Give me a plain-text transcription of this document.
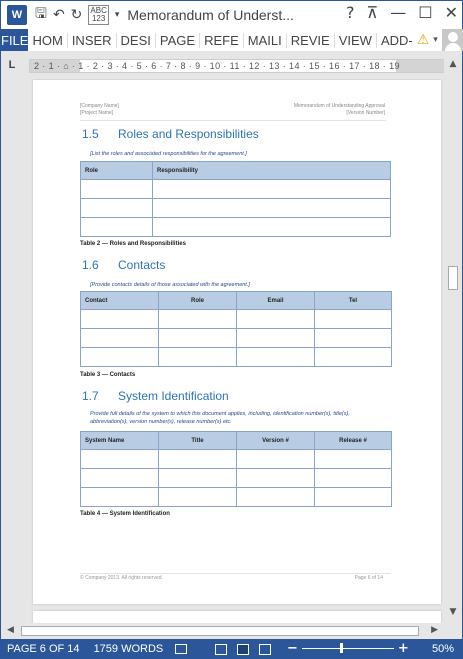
W 🖫 ↶ ↻ ABC
123 ▾ Memorandum of Underst...	? ⊼ — ☐ ✕
FILE HOM INSER DESI PAGE REFE MAILI REVIE VIEW ADD- ⚠ ▾
L	2 · 1 · ⌂ · 1 · 2 · 3 · 4 · 5 · 6 · 7 · 8 · 9 · 10 · 11 · 12 · 13 · 14 · 15 · 16 · 17 · 18 · 19
[Company Name]
[Project Name]
Memorandum of Understanding Approval
[Version Number]
1.5 Roles and Responsibilities
[List the roles and associated responsibilities for the agreement.]
Role	Responsibility

Table 2 — Roles and Responsibilities
1.6 Contacts
[Provide contacts details of those associated with the agreement.]
Contact	Role	Email	Tel

Table 3 — Contacts
1.7 System Identification
Provide full details of the system to which this document applies, including, identification number(s), title(s), abbreviation(s), version number(s), release number(s) etc.
System Name	Title	Version #	Release #

Table 4 — System Identification
© Company 2013. All rights reserved.	Page 6 of 14
▲
▼
◀	▶
PAGE 6 OF 14 1759 WORDS	−	+ 50%
